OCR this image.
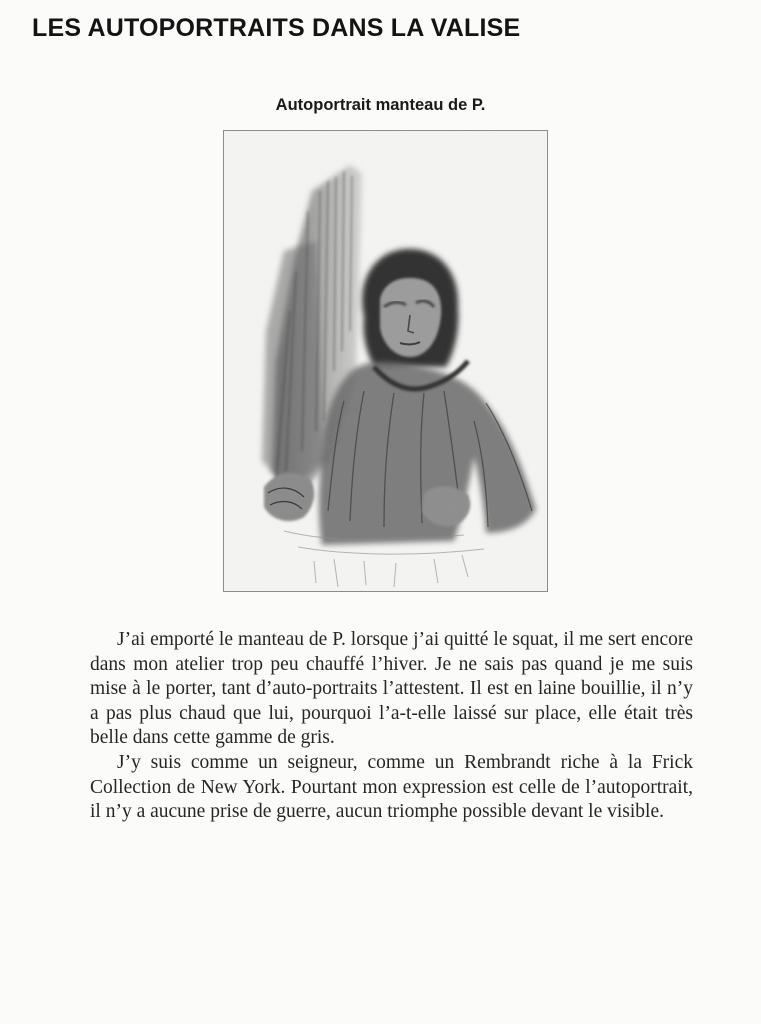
LES AUTOPORTRAITS DANS LA VALISE
Autoportrait manteau de P.

J’ai emporté le manteau de P. lorsque j’ai quitté le squat, il me sert encore dans mon atelier trop peu chauffé l’hiver. Je ne sais pas quand je me suis mise à le porter, tant d’auto-portraits l’attestent. Il est en laine bouillie, il n’y a pas plus chaud que lui, pourquoi l’a-t-elle laissé sur place, elle était très belle dans cette gamme de gris.

J’y suis comme un seigneur, comme un Rembrandt riche à la Frick Collection de New York. Pourtant mon expression est celle de l’autoportrait, il n’y a aucune prise de guerre, aucun triomphe possible devant le visible.
